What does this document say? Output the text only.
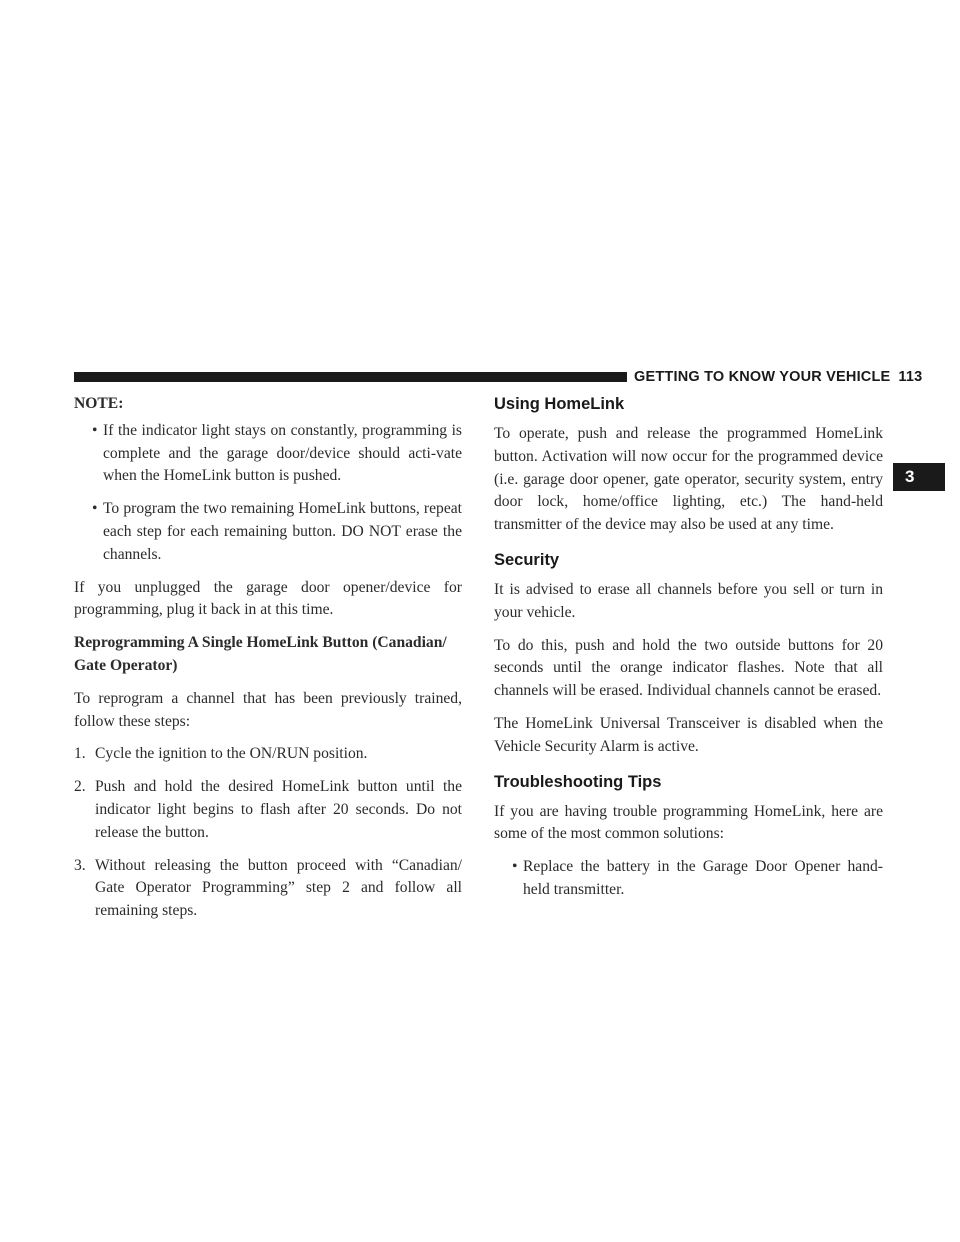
GETTING TO KNOW YOUR VEHICLE 113
3

NOTE:

• If the indicator light stays on constantly, programming is complete and the garage door/device should acti-vate when the HomeLink button is pushed.
• To program the two remaining HomeLink buttons, repeat each step for each remaining button. DO NOT erase the channels.

If you unplugged the garage door opener/device for programming, plug it back in at this time.

Reprogramming A Single HomeLink Button (Canadian/ Gate Operator)

To reprogram a channel that has been previously trained, follow these steps:

1. Cycle the ignition to the ON/RUN position.
2. Push and hold the desired HomeLink button until the indicator light begins to flash after 20 seconds. Do not release the button.
3. Without releasing the button proceed with “Canadian/ Gate Operator Programming” step 2 and follow all remaining steps.
Using HomeLink

To operate, push and release the programmed HomeLink button. Activation will now occur for the programmed device (i.e. garage door opener, gate operator, security system, entry door lock, home/office lighting, etc.) The hand-held transmitter of the device may also be used at any time.

Security

It is advised to erase all channels before you sell or turn in your vehicle.

To do this, push and hold the two outside buttons for 20 seconds until the orange indicator flashes. Note that all channels will be erased. Individual channels cannot be erased.

The HomeLink Universal Transceiver is disabled when the Vehicle Security Alarm is active.

Troubleshooting Tips

If you are having trouble programming HomeLink, here are some of the most common solutions:

• Replace the battery in the Garage Door Opener hand-held transmitter.
